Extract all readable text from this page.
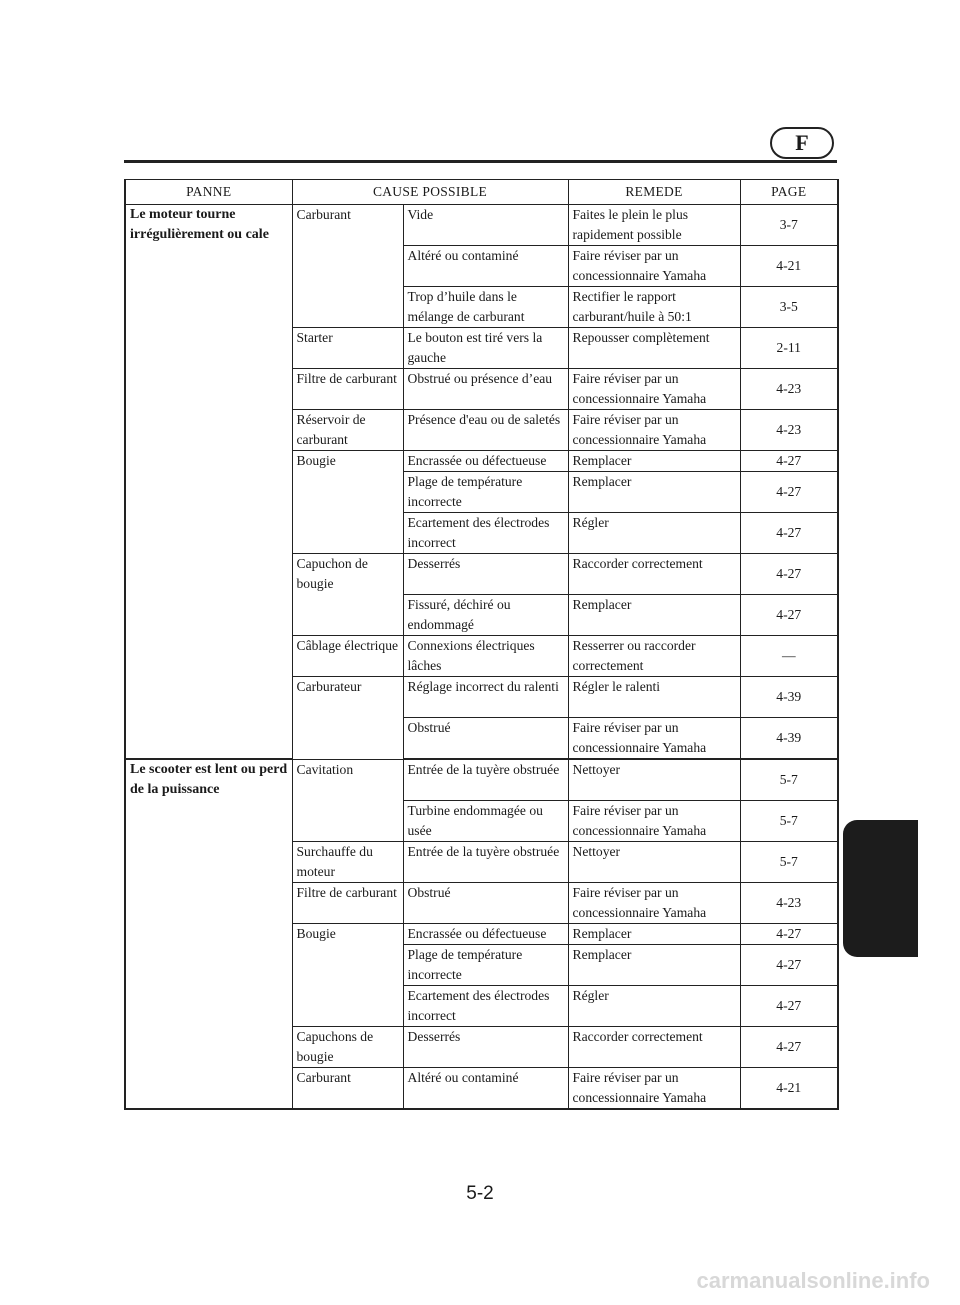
F
PANNE	CAUSE POSSIBLE		REMEDE	PAGE
Le moteur tourne irrégulièrement ou cale	Carburant	Vide	Faites le plein le plus rapidement possible	3-7
		Altéré ou contaminé	Faire réviser par un concessionnaire Yamaha	4-21
		Trop d’huile dans le mélange de carburant	Rectifier le rapport carburant/huile à 50:1	3-5
	Starter	Le bouton est tiré vers la gauche	Repousser complètement	2-11
	Filtre de carburant	Obstrué ou présence d’eau	Faire réviser par un concessionnaire Yamaha	4-23
	Réservoir de carburant	Présence d'eau ou de saletés	Faire réviser par un concessionnaire Yamaha	4-23
	Bougie	Encrassée ou défectueuse	Remplacer	4-27
		Plage de température incorrecte	Remplacer	4-27
		Ecartement des électrodes incorrect	Régler	4-27
	Capuchon de bougie	Desserrés	Raccorder correctement	4-27
		Fissuré, déchiré ou endommagé	Remplacer	4-27
	Câblage électrique	Connexions électriques lâches	Resserrer ou raccorder correctement	—
	Carburateur	Réglage incorrect du ralenti	Régler le ralenti	4-39
		Obstrué	Faire réviser par un concessionnaire Yamaha	4-39
Le scooter est lent ou perd de la puissance	Cavitation	Entrée de la tuyère obstruée	Nettoyer	5-7
		Turbine endommagée ou usée	Faire réviser par un concessionnaire Yamaha	5-7
	Surchauffe du moteur	Entrée de la tuyère obstruée	Nettoyer	5-7
	Filtre de carburant	Obstrué	Faire réviser par un concessionnaire Yamaha	4-23
	Bougie	Encrassée ou défectueuse	Remplacer	4-27
		Plage de température incorrecte	Remplacer	4-27
		Ecartement des électrodes incorrect	Régler	4-27
	Capuchons de bougie	Desserrés	Raccorder correctement	4-27
	Carburant	Altéré ou contaminé	Faire réviser par un concessionnaire Yamaha	4-21
5-2
carmanualsonline.info
